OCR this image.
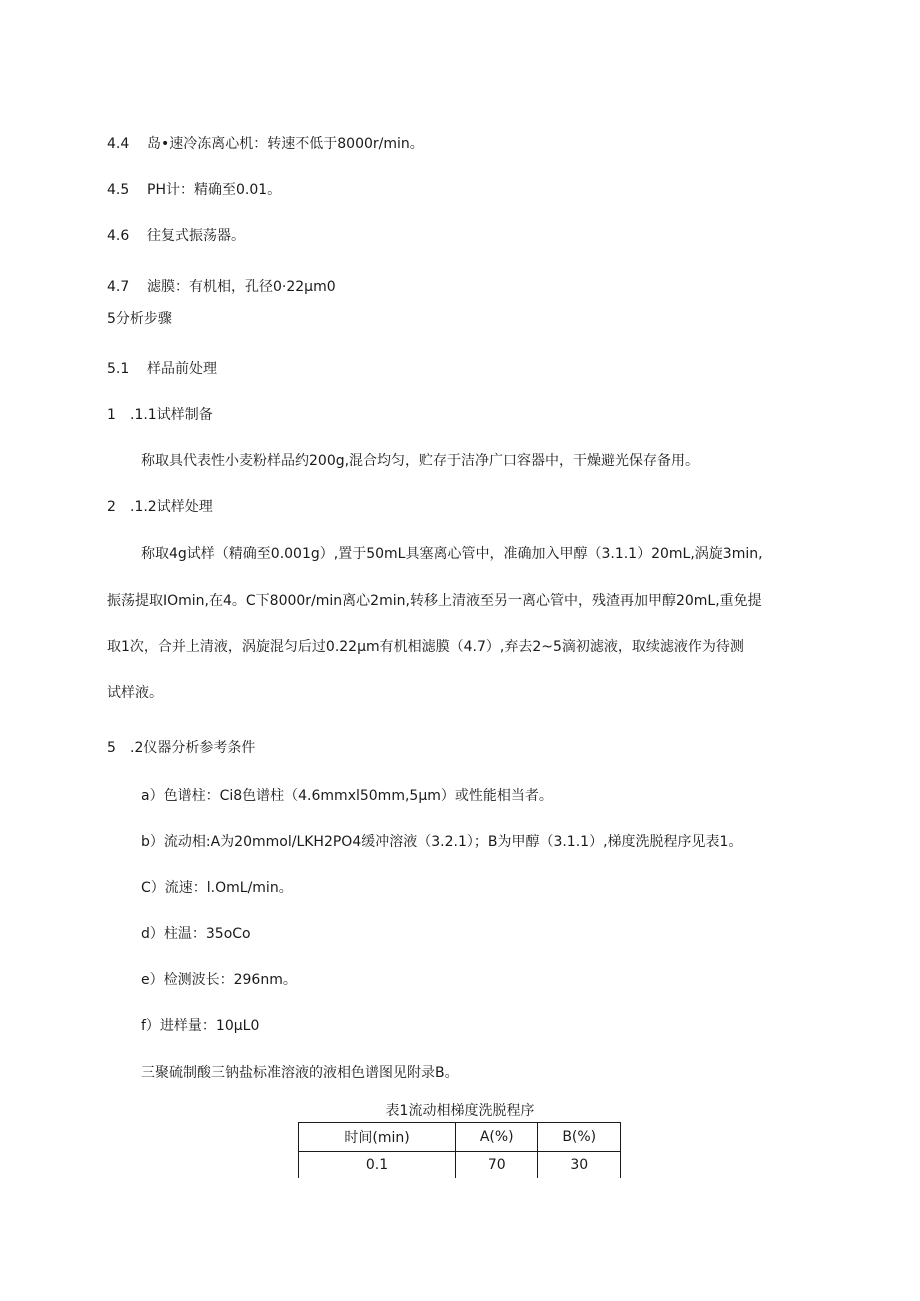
4.4 岛•速冷冻离心机：转速不低于8000r/min。
4.5 PH计：精确至0.01。
4.6 往复式振荡器。
4.7 滤膜：有机相，孔径0·22μm0
5分析步骤
5.1 样品前处理
1 .1.1试样制备
称取具代表性小麦粉样品约200g,混合均匀，贮存于洁净广口容器中，干燥避光保存备用。
2 .1.2试样处理
称取4g试样（精确至0.001g）,置于50mL具塞离心管中，准确加入甲醇（3.1.1）20mL,涡旋3min,
振荡提取IOmin,在4。C下8000r/min离心2min,转移上清液至另一离心管中，残渣再加甲醇20mL,重免提
取1次，合并上清液，涡旋混匀后过0.22μm有机相滤膜（4.7）,弃去2~5滴初滤液，取续滤液作为待测
试样液。
5 .2仪器分析参考条件
a）色谱柱：Ci8色谱柱（4.6mmxl50mm,5μm）或性能相当者。
b）流动相:A为20mmol/LKH2PO4缓冲溶液（3.2.1）；B为甲醇（3.1.1）,梯度洗脱程序见表1。
C）流速：l.OmL/min。
d）柱温：35oCo
e）检测波长：296nm。
f）进样量：10μL0
三聚硫制酸三钠盐标准溶液的液相色谱图见附录B。
表1流动相梯度洗脱程序
时间(min)	A(%)	B(%)
0.1	70	30
